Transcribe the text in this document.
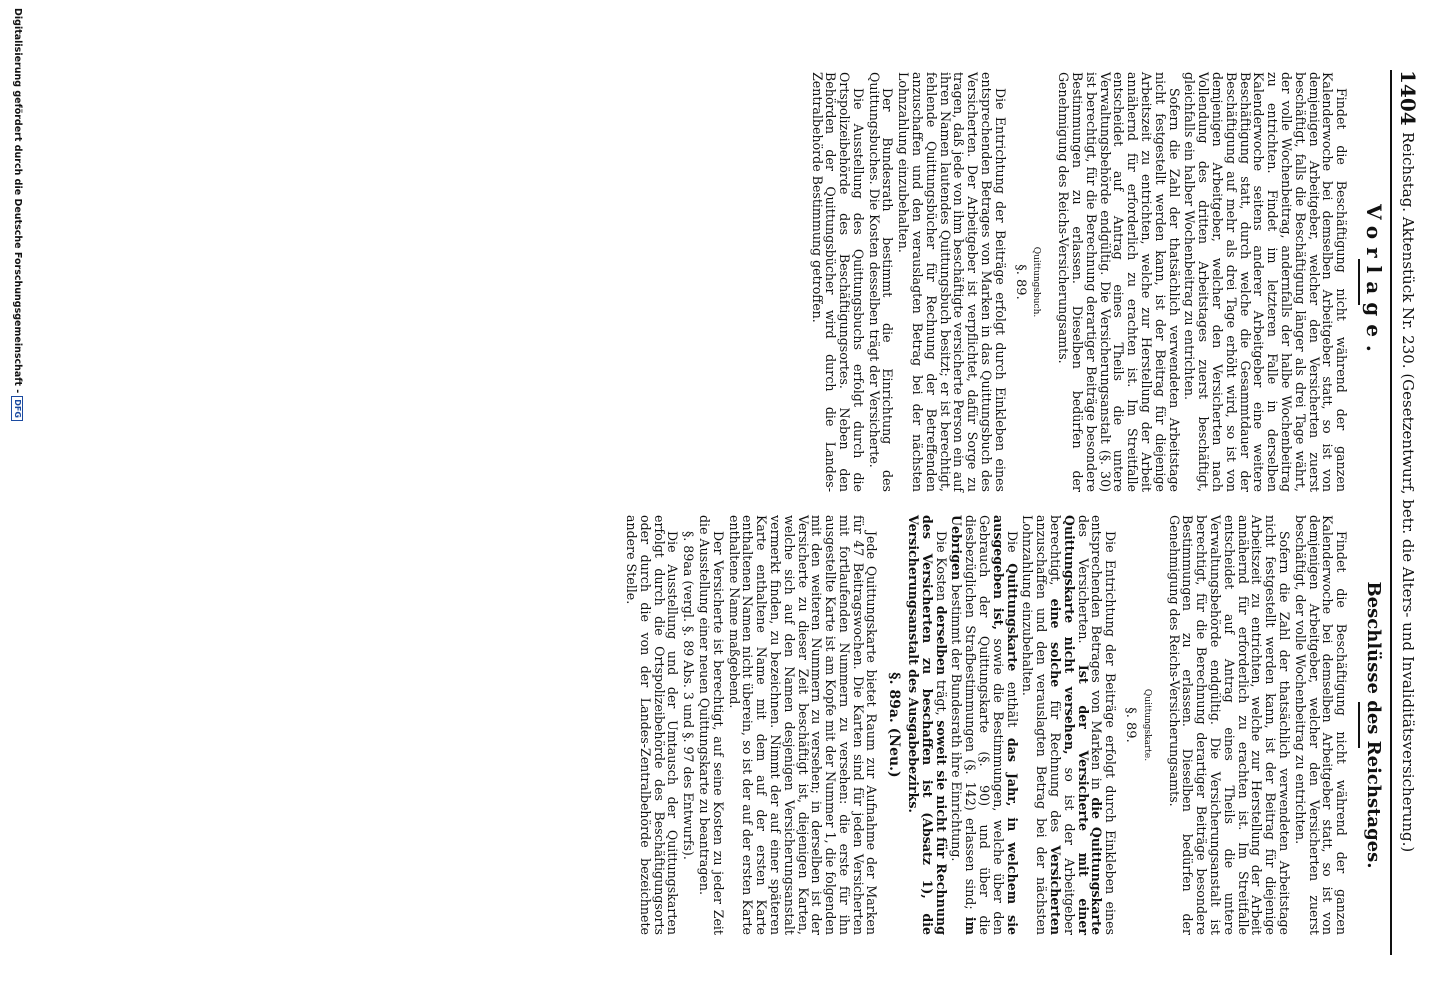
1404
Reichstag. Aktenstück Nr. 230. (Gesetzentwurf, betr. die Alters- und Invaliditätsversicherung.)
Vorlage.

Findet die Beschäftigung nicht während der ganzen Kalenderwoche bei demselben Arbeitgeber statt, so ist von demjenigen Arbeitgeber, welcher den Versicherten zuerst beschäftigt, falls die Beschäftigung länger als drei Tage währt, der volle Wochenbeitrag, andernfalls der halbe Wochenbeitrag zu entrichten. Findet im letzteren Falle in derselben Kalenderwoche seitens anderer Arbeitgeber eine weitere Beschäftigung statt, durch welche die Gesammtdauer der Beschäftigung auf mehr als drei Tage erhöht wird, so ist von demjenigen Arbeitgeber, welcher den Versicherten nach Vollendung des dritten Arbeitstages zuerst beschäftigt, gleichfalls ein halber Wochenbeitrag zu entrichten.

Sofern die Zahl der thatsächlich verwendeten Arbeitstage nicht festgestellt werden kann, ist der Beitrag für diejenige Arbeitszeit zu entrichten, welche zur Herstellung der Arbeit annähernd für erforderlich zu erachten ist. Im Streitfalle entscheidet auf Antrag eines Theils die untere Verwaltungsbehörde endgültig. Die Versicherungsanstalt (§. 30) ist berechtigt, für die Berechnung derartiger Beiträge besondere Bestimmungen zu erlassen. Dieselben bedürfen der Genehmigung des Reichs-Versicherungsamts.

Quittungsbuch.
§. 89.

Die Entrichtung der Beiträge erfolgt durch Einkleben eines entsprechenden Betrages von Marken in das Quittungsbuch des Versicherten. Der Arbeitgeber ist verpflichtet, dafür Sorge zu tragen, daß jede von ihm beschäftigte versicherte Person ein auf ihren Namen lautendes Quittungsbuch besitzt; er ist berechtigt, fehlende Quittungsbücher für Rechnung der Betreffenden anzuschaffen und den verauslagten Betrag bei der nächsten Lohnzahlung einzubehalten.

Der Bundesrath bestimmt die Einrichtung des Quittungsbuches. Die Kosten desselben trägt der Versicherte.

Die Ausstellung des Quittungsbuchs erfolgt durch die Ortspolizeibehörde des Beschäftigungsortes. Neben den Behörden der Quittungsbücher wird durch die Landes-Zentralbehörde Bestimmung getroffen.

Beschlüsse des Reichstages.

Findet die Beschäftigung nicht während der ganzen Kalenderwoche bei demselben Arbeitgeber statt, so ist von demjenigen Arbeitgeber, welcher den Versicherten zuerst beschäftigt, der volle Wochenbeitrag zu entrichten.

Sofern die Zahl der thatsächlich verwendeten Arbeitstage nicht festgestellt werden kann, ist der Beitrag für diejenige Arbeitszeit zu entrichten, welche zur Herstellung der Arbeit annähernd für erforderlich zu erachten ist. Im Streitfalle entscheidet auf Antrag eines Theils die untere Verwaltungsbehörde endgültig. Die Versicherungsanstalt ist berechtigt, für die Berechnung derartiger Beiträge besondere Bestimmungen zu erlassen. Dieselben bedürfen der Genehmigung des Reichs-Versicherungsamts.

Quittungskarte.
§. 89.

Die Entrichtung der Beiträge erfolgt durch Einkleben eines entsprechenden Betrages von Marken in die Quittungskarte des Versicherten. Ist der Versicherte mit einer Quittungskarte nicht versehen, so ist der Arbeitgeber berechtigt, eine solche für Rechnung des Versicherten anzuschaffen und den verauslagten Betrag bei der nächsten Lohnzahlung einzubehalten.

Die Quittungskarte enthält das Jahr, in welchem sie ausgegeben ist, sowie die Bestimmungen, welche über den Gebrauch der Quittungskarte (§. 90) und über die diesbezüglichen Strafbestimmungen (§. 142) erlassen sind; im Uebrigen bestimmt der Bundesrath ihre Einrichtung.

Die Kosten derselben trägt, soweit sie nicht für Rechnung des Versicherten zu beschaffen ist (Absatz 1), die Versicherungsanstalt des Ausgabebezirks.

§. 89a. (Neu.)

Jede Quittungskarte bietet Raum zur Aufnahme der Marken für 47 Beitragswochen. Die Karten sind für jeden Versicherten mit fortlaufenden Nummern zu versehen: die erste für ihn ausgestellte Karte ist am Kopfe mit der Nummer 1, die folgenden mit den weiteren Nummern zu versehen; in derselben ist der Versicherte zu dieser Zeit beschäftigt ist, diejenigen Karten, welche sich auf den Namen desjenigen Versicherungsanstalt vermerkt finden, zu bezeichnen. Nimmt der auf einer späteren Karte enthaltene Name mit dem auf der ersten Karte enthaltenen Namen nicht überein, so ist der auf der ersten Karte enthaltene Name maßgebend.

Der Versicherte ist berechtigt, auf seine Kosten zu jeder Zeit die Ausstellung einer neuen Quittungskarte zu beantragen.

§. 89aa (vergl. §. 89 Abs. 3 und §. 97 des Entwurfs).

Die Ausstellung und der Umtausch der Quittungskarten erfolgt durch die Ortspolizeibehörde des Beschäftigungsorts oder durch die von der Landes-Zentralbehörde bezeichnete andere Stelle.

Digitalisierung gefördert durch die Deutsche Forschungsgemeinschaft -DFG
